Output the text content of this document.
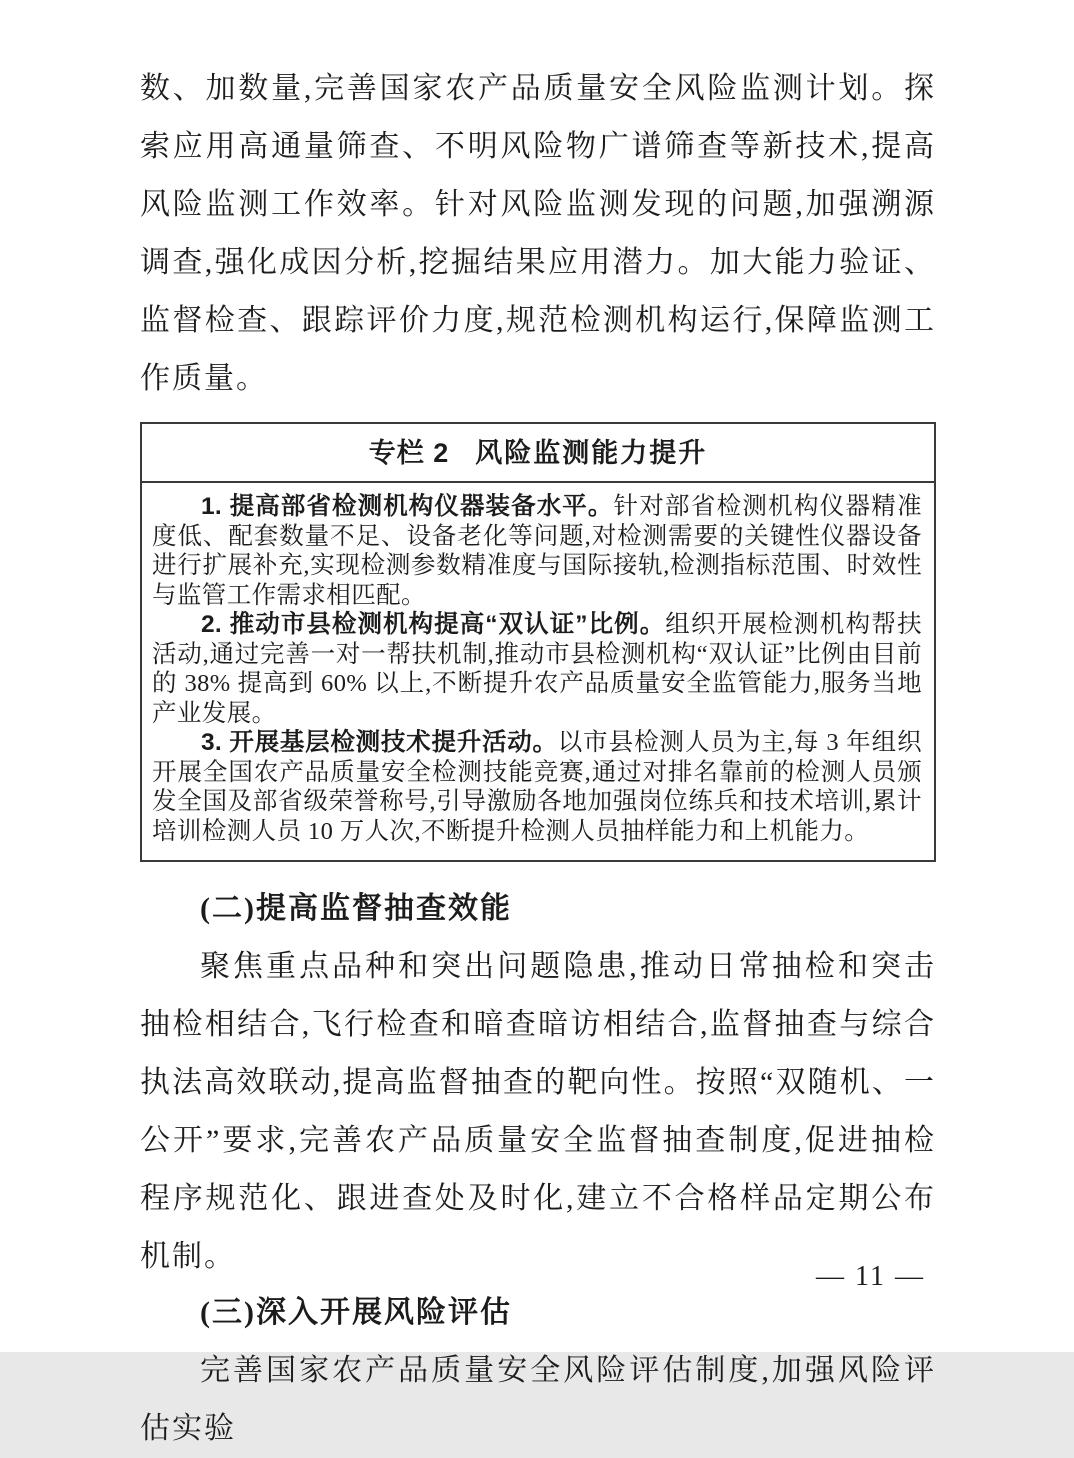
数、加数量,完善国家农产品质量安全风险监测计划。探索应用高通量筛查、不明风险物广谱筛查等新技术,提高风险监测工作效率。针对风险监测发现的问题,加强溯源调查,强化成因分析,挖掘结果应用潜力。加大能力验证、监督检查、跟踪评价力度,规范检测机构运行,保障监测工作质量。

专栏 2 风险监测能力提升

1. 提高部省检测机构仪器装备水平。针对部省检测机构仪器精准度低、配套数量不足、设备老化等问题,对检测需要的关键性仪器设备进行扩展补充,实现检测参数精准度与国际接轨,检测指标范围、时效性与监管工作需求相匹配。

2. 推动市县检测机构提高“双认证”比例。组织开展检测机构帮扶活动,通过完善一对一帮扶机制,推动市县检测机构“双认证”比例由目前的 38% 提高到 60% 以上,不断提升农产品质量安全监管能力,服务当地产业发展。

3. 开展基层检测技术提升活动。以市县检测人员为主,每 3 年组织开展全国农产品质量安全检测技能竞赛,通过对排名靠前的检测人员颁发全国及部省级荣誉称号,引导激励各地加强岗位练兵和技术培训,累计培训检测人员 10 万人次,不断提升检测人员抽样能力和上机能力。

(二)提高监督抽查效能

聚焦重点品种和突出问题隐患,推动日常抽检和突击抽检相结合,飞行检查和暗查暗访相结合,监督抽查与综合执法高效联动,提高监督抽查的靶向性。按照“双随机、一公开”要求,完善农产品质量安全监督抽查制度,促进抽检程序规范化、跟进查处及时化,建立不合格样品定期公布机制。

(三)深入开展风险评估

完善国家农产品质量安全风险评估制度,加强风险评估实验

— 11 —
